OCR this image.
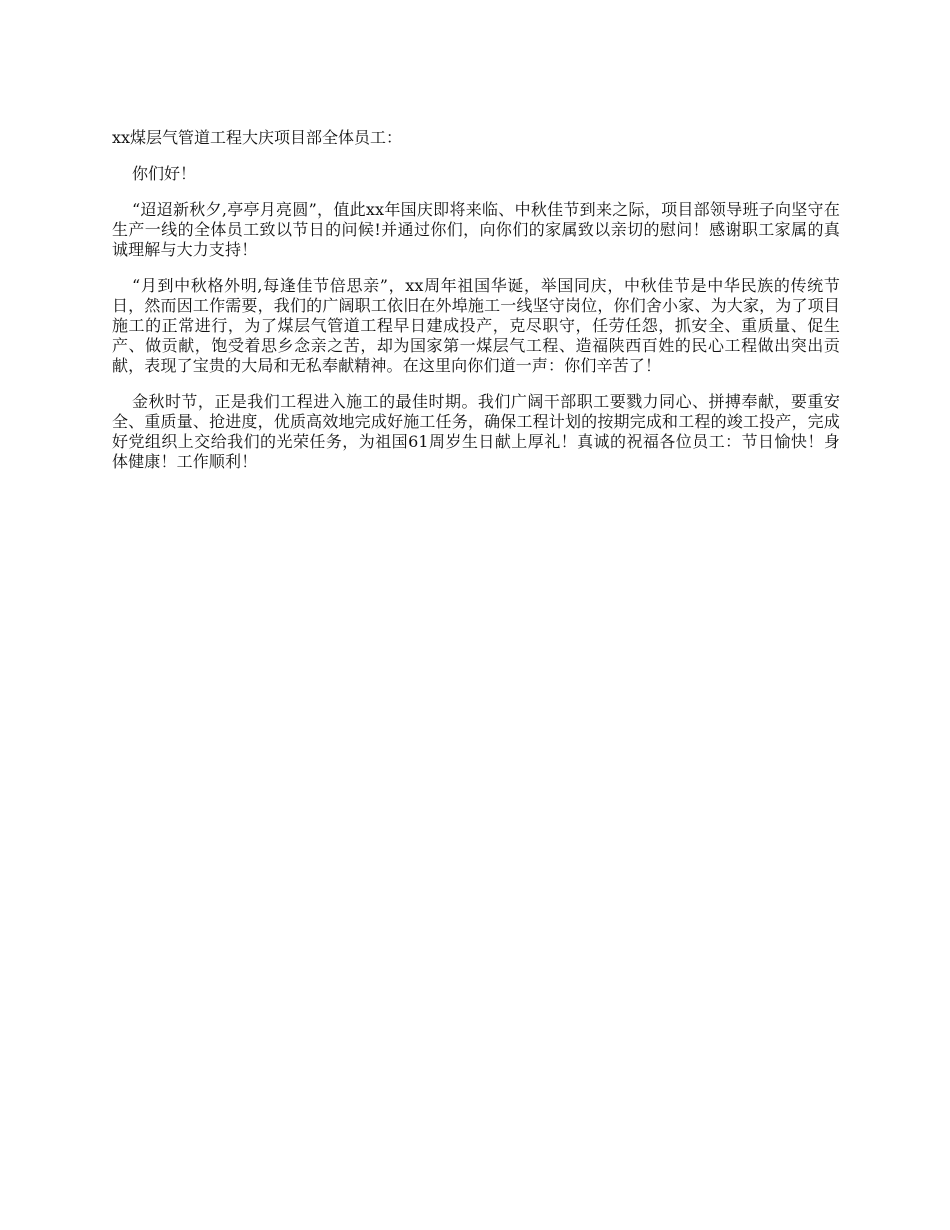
xx煤层气管道工程大庆项目部全体员工：

你们好！

“迢迢新秋夕,亭亭月亮圆”，值此xx年国庆即将来临、中秋佳节到来之际，项目部领导班子向坚守在生产一线的全体员工致以节日的问候!并通过你们，向你们的家属致以亲切的慰问！感谢职工家属的真诚理解与大力支持！

“月到中秋格外明,每逢佳节倍思亲”，xx周年祖国华诞，举国同庆，中秋佳节是中华民族的传统节日，然而因工作需要，我们的广阔职工依旧在外埠施工一线坚守岗位，你们舍小家、为大家，为了项目施工的正常进行，为了煤层气管道工程早日建成投产，克尽职守，任劳任怨，抓安全、重质量、促生产、做贡献，饱受着思乡念亲之苦，却为国家第一煤层气工程、造福陕西百姓的民心工程做出突出贡献，表现了宝贵的大局和无私奉献精神。在这里向你们道一声：你们辛苦了！

金秋时节，正是我们工程进入施工的最佳时期。我们广阔干部职工要戮力同心、拼搏奉献，要重安全、重质量、抢进度，优质高效地完成好施工任务，确保工程计划的按期完成和工程的竣工投产，完成好党组织上交给我们的光荣任务，为祖国61周岁生日献上厚礼！真诚的祝福各位员工：节日愉快！身体健康！工作顺利！
